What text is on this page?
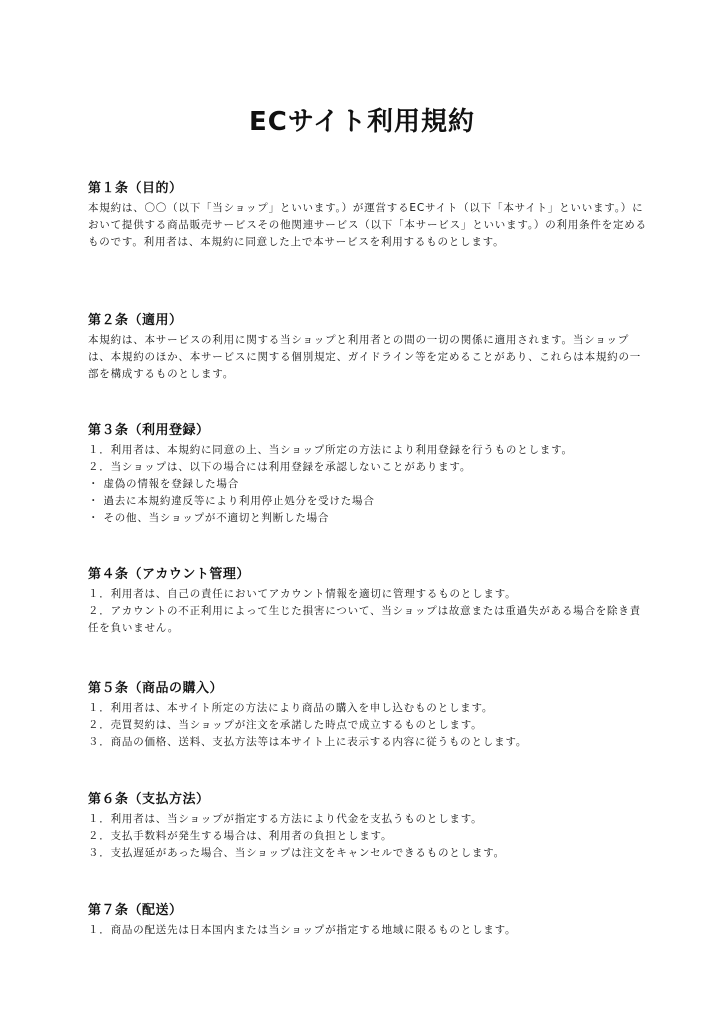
ECサイト利用規約
第１条（目的）

本規約は、〇〇（以下「当ショップ」といいます。）が運営するECサイト（以下「本サイト」といいます。）において提供する商品販売サービスその他関連サービス（以下「本サービス」といいます。）の利用条件を定めるものです。利用者は、本規約に同意した上で本サービスを利用するものとします。

第２条（適用）

本規約は、本サービスの利用に関する当ショップと利用者との間の一切の関係に適用されます。当ショップは、本規約のほか、本サービスに関する個別規定、ガイドライン等を定めることがあり、これらは本規約の一部を構成するものとします。

第３条（利用登録）
１．利用者は、本規約に同意の上、当ショップ所定の方法により利用登録を行うものとします。
２．当ショップは、以下の場合には利用登録を承認しないことがあります。
・ 虚偽の情報を登録した場合
・ 過去に本規約違反等により利用停止処分を受けた場合
・ その他、当ショップが不適切と判断した場合
第４条（アカウント管理）
１．利用者は、自己の責任においてアカウント情報を適切に管理するものとします。
２．アカウントの不正利用によって生じた損害について、当ショップは故意または重過失がある場合を除き責任を負いません。
第５条（商品の購入）
１．利用者は、本サイト所定の方法により商品の購入を申し込むものとします。
２．売買契約は、当ショップが注文を承諾した時点で成立するものとします。
３．商品の価格、送料、支払方法等は本サイト上に表示する内容に従うものとします。
第６条（支払方法）
１．利用者は、当ショップが指定する方法により代金を支払うものとします。
２．支払手数料が発生する場合は、利用者の負担とします。
３．支払遅延があった場合、当ショップは注文をキャンセルできるものとします。
第７条（配送）
１．商品の配送先は日本国内または当ショップが指定する地域に限るものとします。
